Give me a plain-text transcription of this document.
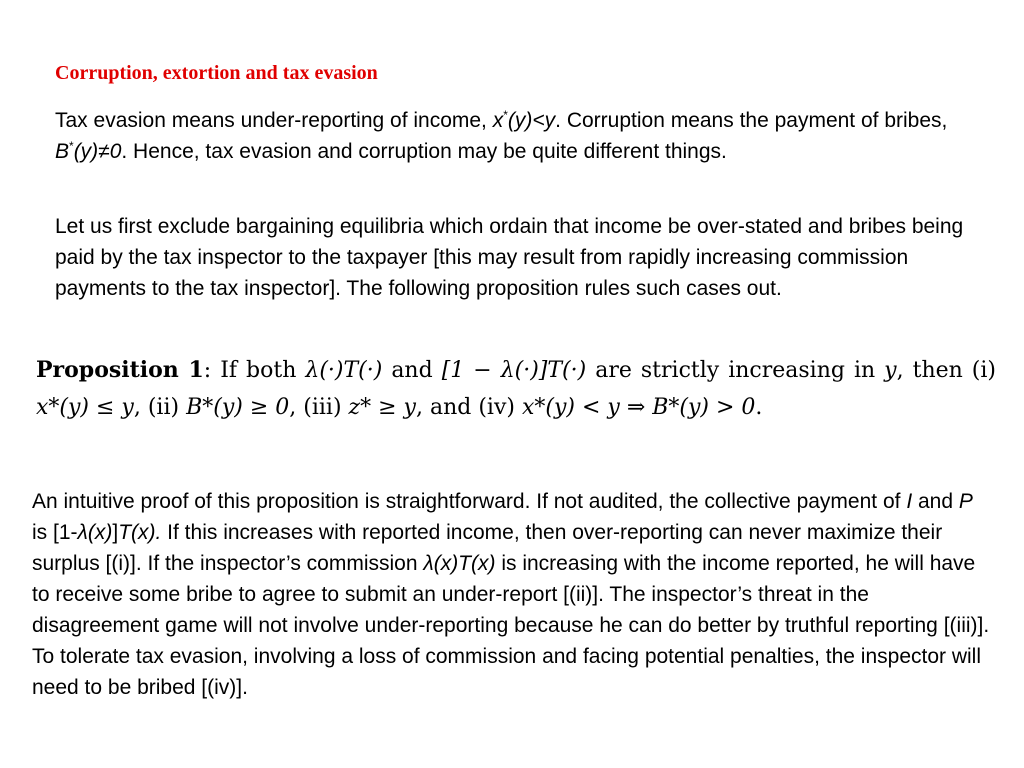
Corruption, extortion and tax evasion

Tax evasion means under-reporting of income, x*(y)<y. Corruption means the payment of bribes, B*(y)≠0. Hence, tax evasion and corruption may be quite different things.

Let us first exclude bargaining equilibria which ordain that income be over-stated and bribes being paid by the tax inspector to the taxpayer [this may result from rapidly increasing commission payments to the tax inspector]. The following proposition rules such cases out.

Proposition 1: If both λ(·)T(·) and [1 − λ(·)]T(·) are strictly increasing in y, then (i) x*(y) ≤ y, (ii) B*(y) ≥ 0, (iii) z* ≥ y, and (iv) x*(y) < y ⇒ B*(y) > 0.

An intuitive proof of this proposition is straightforward. If not audited, the collective payment of I and P is [1-λ(x)]T(x). If this increases with reported income, then over-reporting can never maximize their surplus [(i)]. If the inspector’s commission λ(x)T(x) is increasing with the income reported, he will have to receive some bribe to agree to submit an under-report [(ii)]. The inspector’s threat in the disagreement game will not involve under-reporting because he can do better by truthful reporting [(iii)]. To tolerate tax evasion, involving a loss of commission and facing potential penalties, the inspector will need to be bribed [(iv)].
